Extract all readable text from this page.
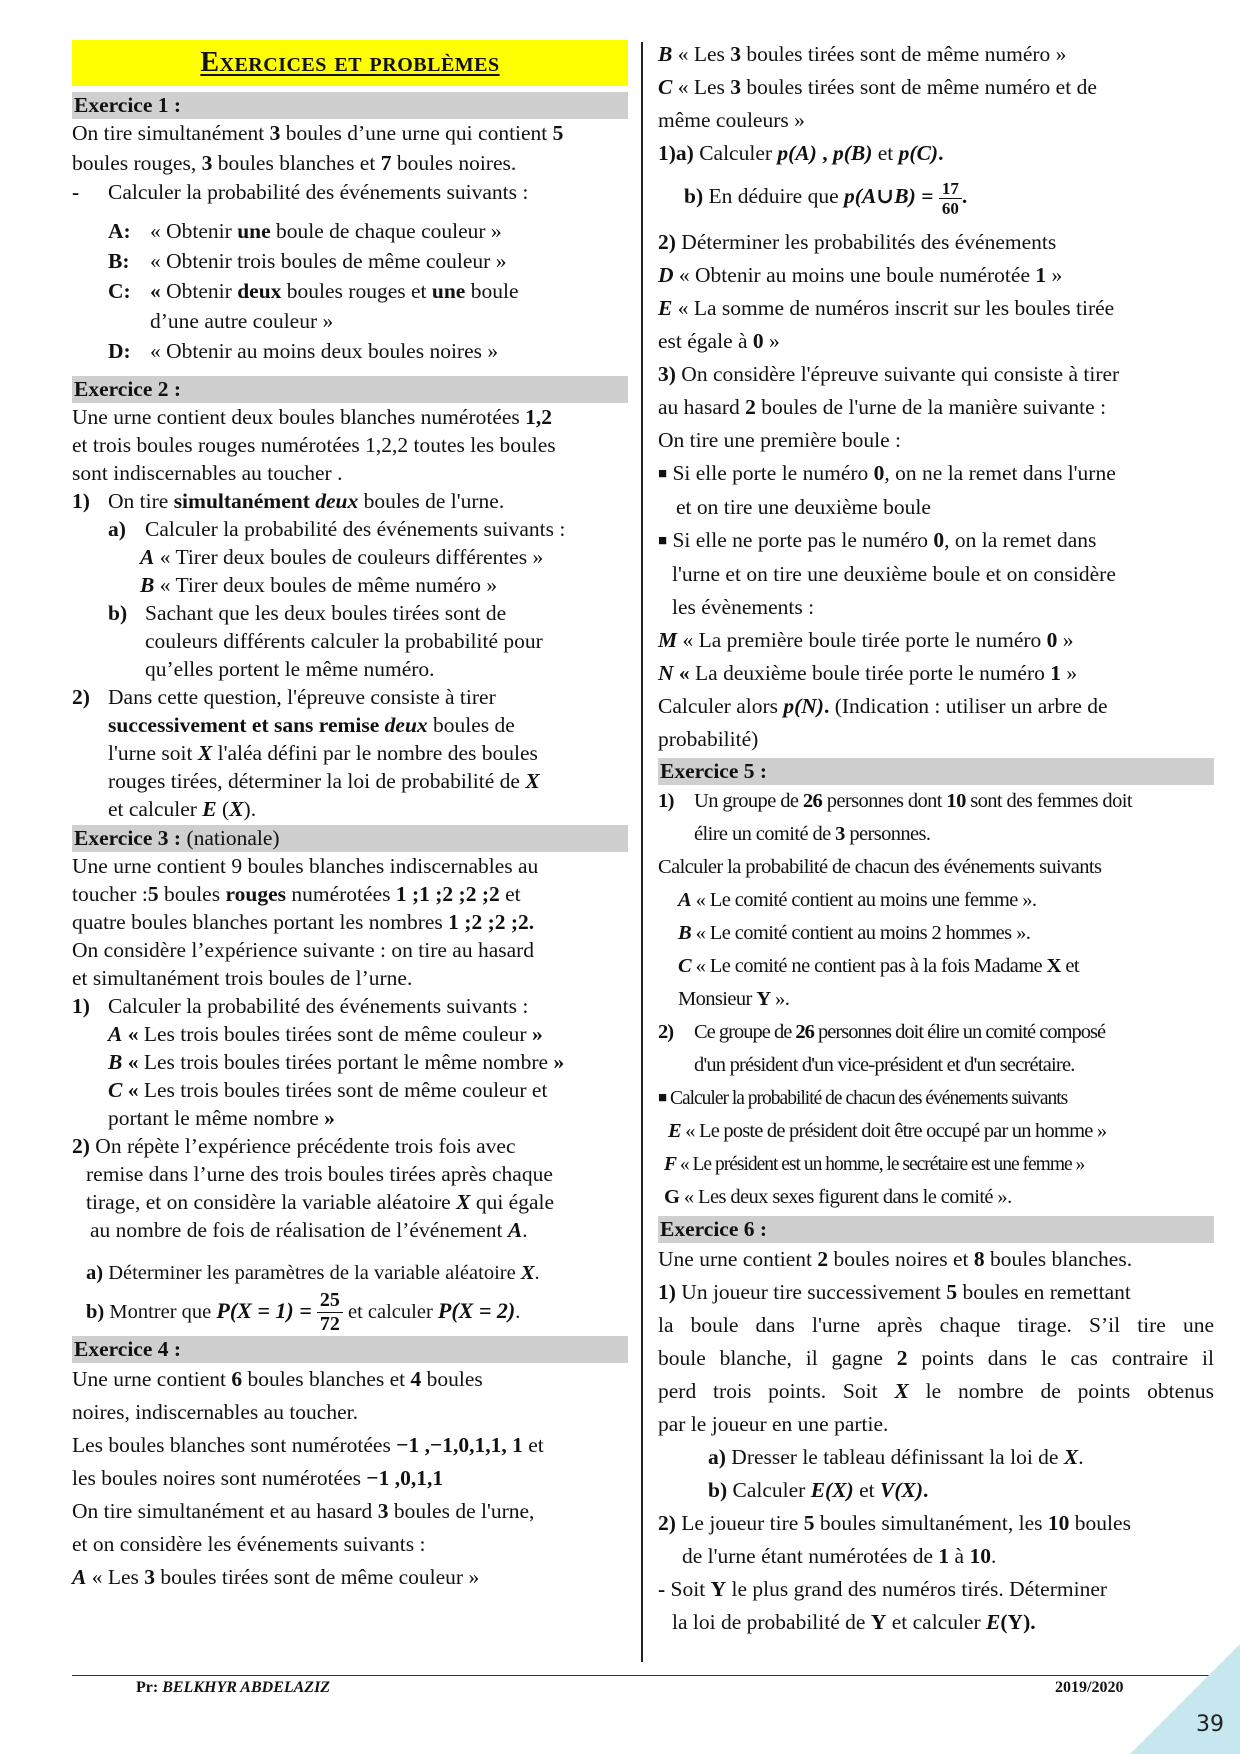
Exercices et problèmes
Exercice 1 :

On tire simultanément 3 boules d’une urne qui contient 5

boules rouges, 3 boules blanches et 7 boules noires.

- Calculer la probabilité des événements suivants :

A: « Obtenir une boule de chaque couleur »

B: « Obtenir trois boules de même couleur »

C: « Obtenir deux boules rouges et une boule

d’une autre couleur »

D: « Obtenir au moins deux boules noires »

Exercice 2 :

Une urne contient deux boules blanches numérotées 1,2

et trois boules rouges numérotées 1,2,2 toutes les boules

sont indiscernables au toucher .

1) On tire simultanément deux boules de l'urne.

a) Calculer la probabilité des événements suivants :

A « Tirer deux boules de couleurs différentes »

B « Tirer deux boules de même numéro »

b) Sachant que les deux boules tirées sont de

couleurs différents calculer la probabilité pour

qu’elles portent le même numéro.

2) Dans cette question, l'épreuve consiste à tirer

successivement et sans remise deux boules de

l'urne soit X l'aléa défini par le nombre des boules

rouges tirées, déterminer la loi de probabilité de X

et calculer E (X).

Exercice 3 : (nationale)

Une urne contient 9 boules blanches indiscernables au

toucher :5 boules rouges numérotées 1 ;1 ;2 ;2 ;2 et

quatre boules blanches portant les nombres 1 ;2 ;2 ;2.

On considère l’expérience suivante : on tire au hasard

et simultanément trois boules de l’urne.

1) Calculer la probabilité des événements suivants :

A « Les trois boules tirées sont de même couleur »

B « Les trois boules tirées portant le même nombre »

C « Les trois boules tirées sont de même couleur et

portant le même nombre »

2) On répète l’expérience précédente trois fois avec

remise dans l’urne des trois boules tirées après chaque

tirage, et on considère la variable aléatoire X qui égale

au nombre de fois de réalisation de l’événement A.

a) Déterminer les paramètres de la variable aléatoire X.

b) Montrer que $P(X = 1) = \frac{25}{72}$ et calculer P(X = 2).

Exercice 4 :

Une urne contient 6 boules blanches et 4 boules

noires, indiscernables au toucher.

Les boules blanches sont numérotées −1 ,−1,0,1,1, 1 et

les boules noires sont numérotées −1 ,0,1,1

On tire simultanément et au hasard 3 boules de l'urne,

et on considère les événements suivants :

A « Les 3 boules tirées sont de même couleur »

B « Les 3 boules tirées sont de même numéro »

C « Les 3 boules tirées sont de même numéro et de

même couleurs »

1)a) Calculer p(A) , p(B) et p(C).

b) En déduire que p(A∪B) = $\frac{17}{60}$ .

2) Déterminer les probabilités des événements

D « Obtenir au moins une boule numérotée 1 »

E « La somme de numéros inscrit sur les boules tirée

est égale à 0 »

3) On considère l'épreuve suivante qui consiste à tirer

au hasard 2 boules de l'urne de la manière suivante :

On tire une première boule :

■ Si elle porte le numéro 0, on ne la remet dans l'urne

et on tire une deuxième boule

■ Si elle ne porte pas le numéro 0, on la remet dans

l'urne et on tire une deuxième boule et on considère

les évènements :

M « La première boule tirée porte le numéro 0 »

N « La deuxième boule tirée porte le numéro 1 »

Calculer alors p(N). (Indication : utiliser un arbre de

probabilité)

Exercice 5 :

1) Un groupe de 26 personnes dont 10 sont des femmes doit

élire un comité de 3 personnes.

Calculer la probabilité de chacun des événements suivants

A « Le comité contient au moins une femme ».

B « Le comité contient au moins 2 hommes ».

C « Le comité ne contient pas à la fois Madame X et

Monsieur Y ».

2) Ce groupe de 26 personnes doit élire un comité composé

d'un président d'un vice-président et d'un secrétaire.

■ Calculer la probabilité de chacun des événements suivants

E « Le poste de président doit être occupé par un homme »

F « Le président est un homme, le secrétaire est une femme »

G « Les deux sexes figurent dans le comité ».

Exercice 6 :

Une urne contient 2 boules noires et 8 boules blanches.

1) Un joueur tire successivement 5 boules en remettant

la boule dans l'urne après chaque tirage. S’il tire une

boule blanche, il gagne 2 points dans le cas contraire il

perd trois points. Soit X le nombre de points obtenus

par le joueur en une partie.

a) Dresser le tableau définissant la loi de X.

b) Calculer E(X) et V(X).

2) Le joueur tire 5 boules simultanément, les 10 boules

de l'urne étant numérotées de 1 à 10.

- Soit Y le plus grand des numéros tirés. Déterminer

la loi de probabilité de Y et calculer E(Y).

Pr: BELKHYR ABDELAZIZ	2019/2020
39
